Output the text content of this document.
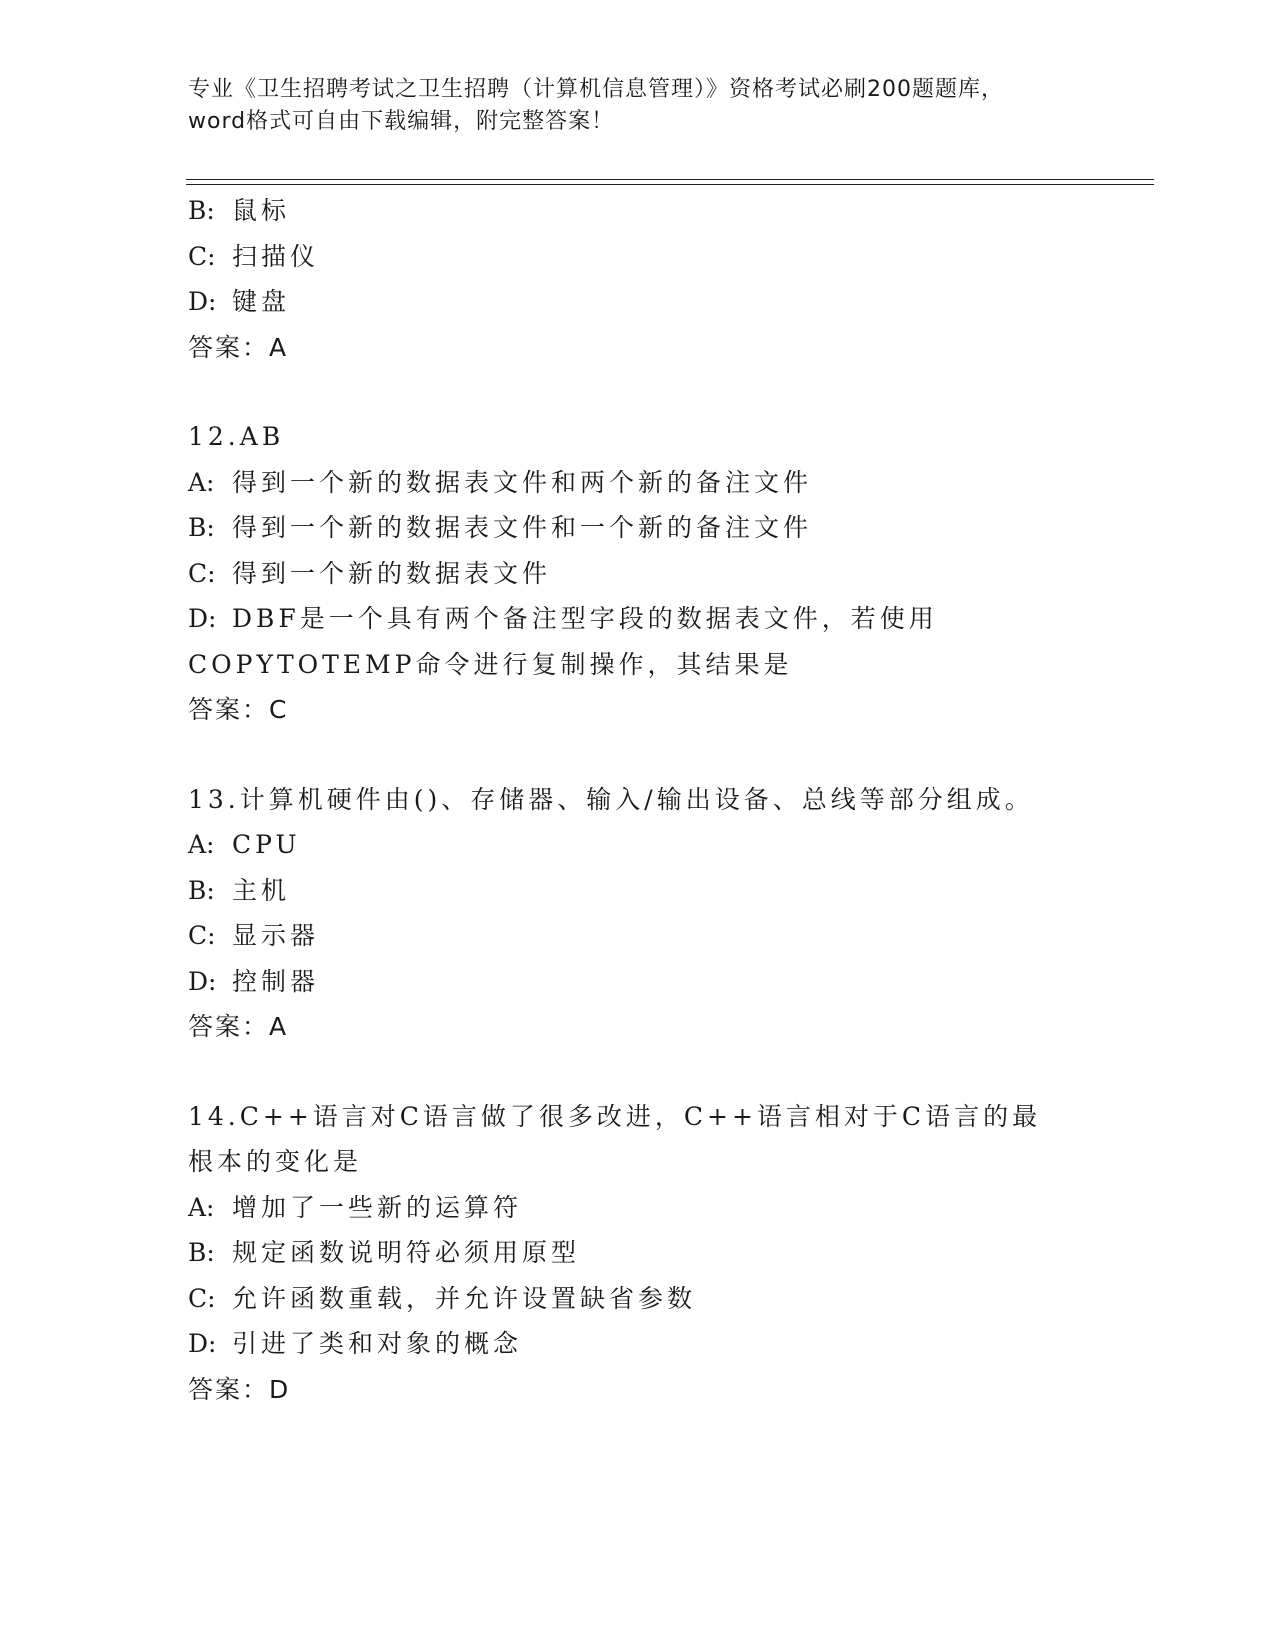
专业《卫生招聘考试之卫生招聘（计算机信息管理）》资格考试必刷200题题库，
word格式可自由下载编辑，附完整答案！
B: 鼠标
C: 扫描仪
D: 键盘
答案：A
12.AB
A: 得到一个新的数据表文件和两个新的备注文件
B: 得到一个新的数据表文件和一个新的备注文件
C: 得到一个新的数据表文件
D: DBF是一个具有两个备注型字段的数据表文件，若使用COPYTOTEMP命令进行复制操作，其结果是
答案：C
13.计算机硬件由()、存储器、输入/输出设备、总线等部分组成。
A: CPU
B: 主机
C: 显示器
D: 控制器
答案：A
14.C++语言对C语言做了很多改进，C++语言相对于C语言的最根本的变化是
A: 增加了一些新的运算符
B: 规定函数说明符必须用原型
C: 允许函数重载，并允许设置缺省参数
D: 引进了类和对象的概念
答案：D
